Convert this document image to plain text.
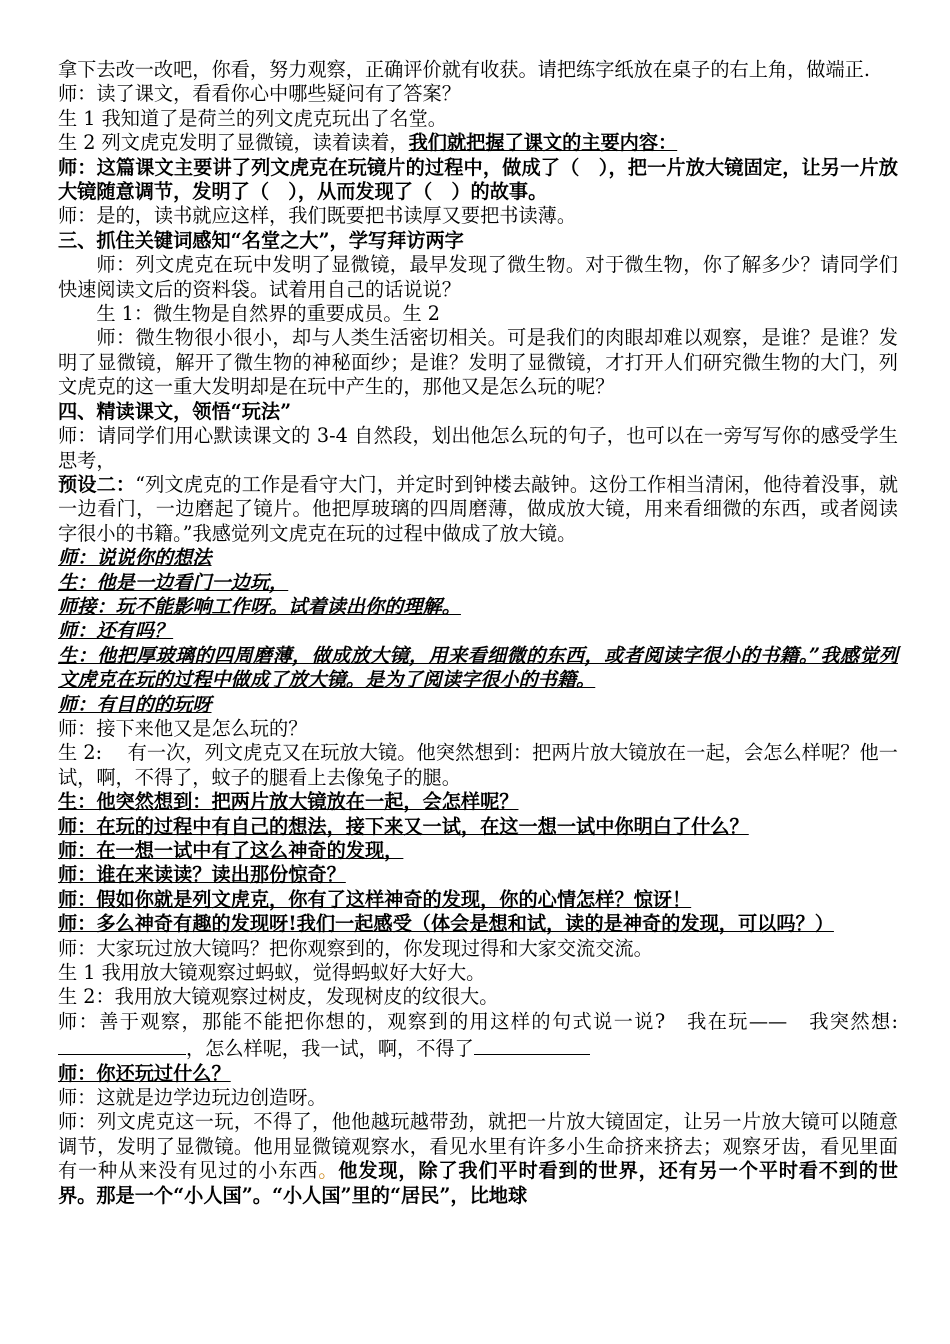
拿下去改一改吧，你看，努力观察，正确评价就有收获。请把练字纸放在桌子的右上角，做端正.

师：读了课文，看看你心中哪些疑问有了答案？

生 1 我知道了是荷兰的列文虎克玩出了名堂。

生 2 列文虎克发明了显微镜，读着读着，我们就把握了课文的主要内容：

师：这篇课文主要讲了列文虎克在玩镜片的过程中，做成了（　），把一片放大镜固定，让另一片放大镜随意调节，发明了（　），从而发现了（　）的故事。

师：是的，读书就应这样，我们既要把书读厚又要把书读薄。

三、抓住关键词感知“名堂之大”，学写拜访两字

师：列文虎克在玩中发明了显微镜，最早发现了微生物。对于微生物，你了解多少？请同学们快速阅读文后的资料袋。试着用自己的话说说？

生 1：微生物是自然界的重要成员。生 2

师：微生物很小很小，却与人类生活密切相关。可是我们的肉眼却难以观察，是谁？是谁？发明了显微镜，解开了微生物的神秘面纱；是谁？发明了显微镜，才打开人们研究微生物的大门，列文虎克的这一重大发明却是在玩中产生的，那他又是怎么玩的呢？

四、精读课文，领悟“玩法”

师：请同学们用心默读课文的 3-4 自然段，划出他怎么玩的句子，也可以在一旁写写你的感受学生思考，

预设二：“列文虎克的工作是看守大门，并定时到钟楼去敲钟。这份工作相当清闲，他待着没事，就一边看门，一边磨起了镜片。他把厚玻璃的四周磨薄，做成放大镜，用来看细微的东西，或者阅读字很小的书籍。”我感觉列文虎克在玩的过程中做成了放大镜。

师：说说你的想法

生：他是一边看门一边玩，

师接：玩不能影响工作呀。试着读出你的理解。

师：还有吗？

生：他把厚玻璃的四周磨薄，做成放大镜，用来看细微的东西，或者阅读字很小的书籍。”我感觉列文虎克在玩的过程中做成了放大镜。是为了阅读字很小的书籍。

师：有目的的玩呀

师：接下来他又是怎么玩的？

生 2:　 有一次，列文虎克又在玩放大镜。他突然想到：把两片放大镜放在一起，会怎么样呢？他一试，啊，不得了，蚊子的腿看上去像兔子的腿。

生：他突然想到：把两片放大镜放在一起，会怎样呢？

师：在玩的过程中有自己的想法，接下来又一试，在这一想一试中你明白了什么？

师：在一想一试中有了这么神奇的发现，

师：谁在来读读？读出那份惊奇？

师：假如你就是列文虎克，你有了这样神奇的发现，你的心情怎样？惊讶！

师：多么神奇有趣的发现呀!我们一起感受（体会是想和试，读的是神奇的发现，可以吗？）

师：大家玩过放大镜吗？把你观察到的，你发现过得和大家交流交流。

生 1 我用放大镜观察过蚂蚁，觉得蚂蚁好大好大。

生 2：我用放大镜观察过树皮，发现树皮的纹很大。

师：善于观察，那能不能把你想的，观察到的用这样的句式说一说?　我在玩——　我突然想:，怎么样呢，我一试，啊，不得了

师：你还玩过什么？

师：这就是边学边玩边创造呀。

师：列文虎克这一玩，不得了，他他越玩越带劲，就把一片放大镜固定，让另一片放大镜可以随意调节，发明了显微镜。他用显微镜观察水，看见水里有许多小生命挤来挤去；观察牙齿，看见里面有一种从来没有见过的小东西。他发现，除了我们平时看到的世界，还有另一个平时看不到的世界。那是一个“小人国”。“小人国”里的“居民”，比地球
